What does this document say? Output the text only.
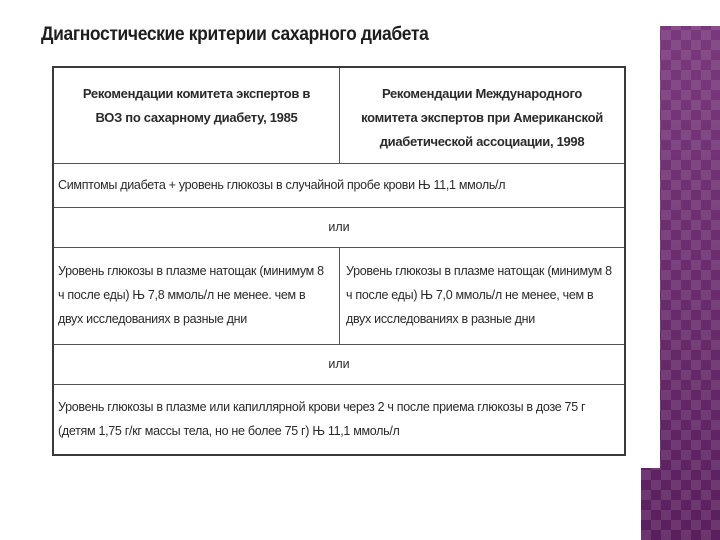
Диагностические критерии сахарного диабета
Рекомендации комитета экспертов в ВОЗ по сахарному диабету, 1985
Рекомендации Международного комитета экспертов при Американской диабетической ассоциации, 1998
Симптомы диабета + уровень глюкозы в случайной пробе крови Њ 11,1 ммоль/л
или
Уровень глюкозы в плазме натощак (минимум 8 ч после еды) Њ 7,8 ммоль/л не менее. чем в двух исследованиях в разные дни
Уровень глюкозы в плазме натощак (минимум 8 ч после еды) Њ 7,0 ммоль/л не менее, чем в двух исследованиях в разные дни
или
Уровень глюкозы в плазме или капиллярной крови через 2 ч после приема глюкозы в дозе 75 г (детям 1,75 г/кг массы тела, но не более 75 г) Њ 11,1 ммоль/л
